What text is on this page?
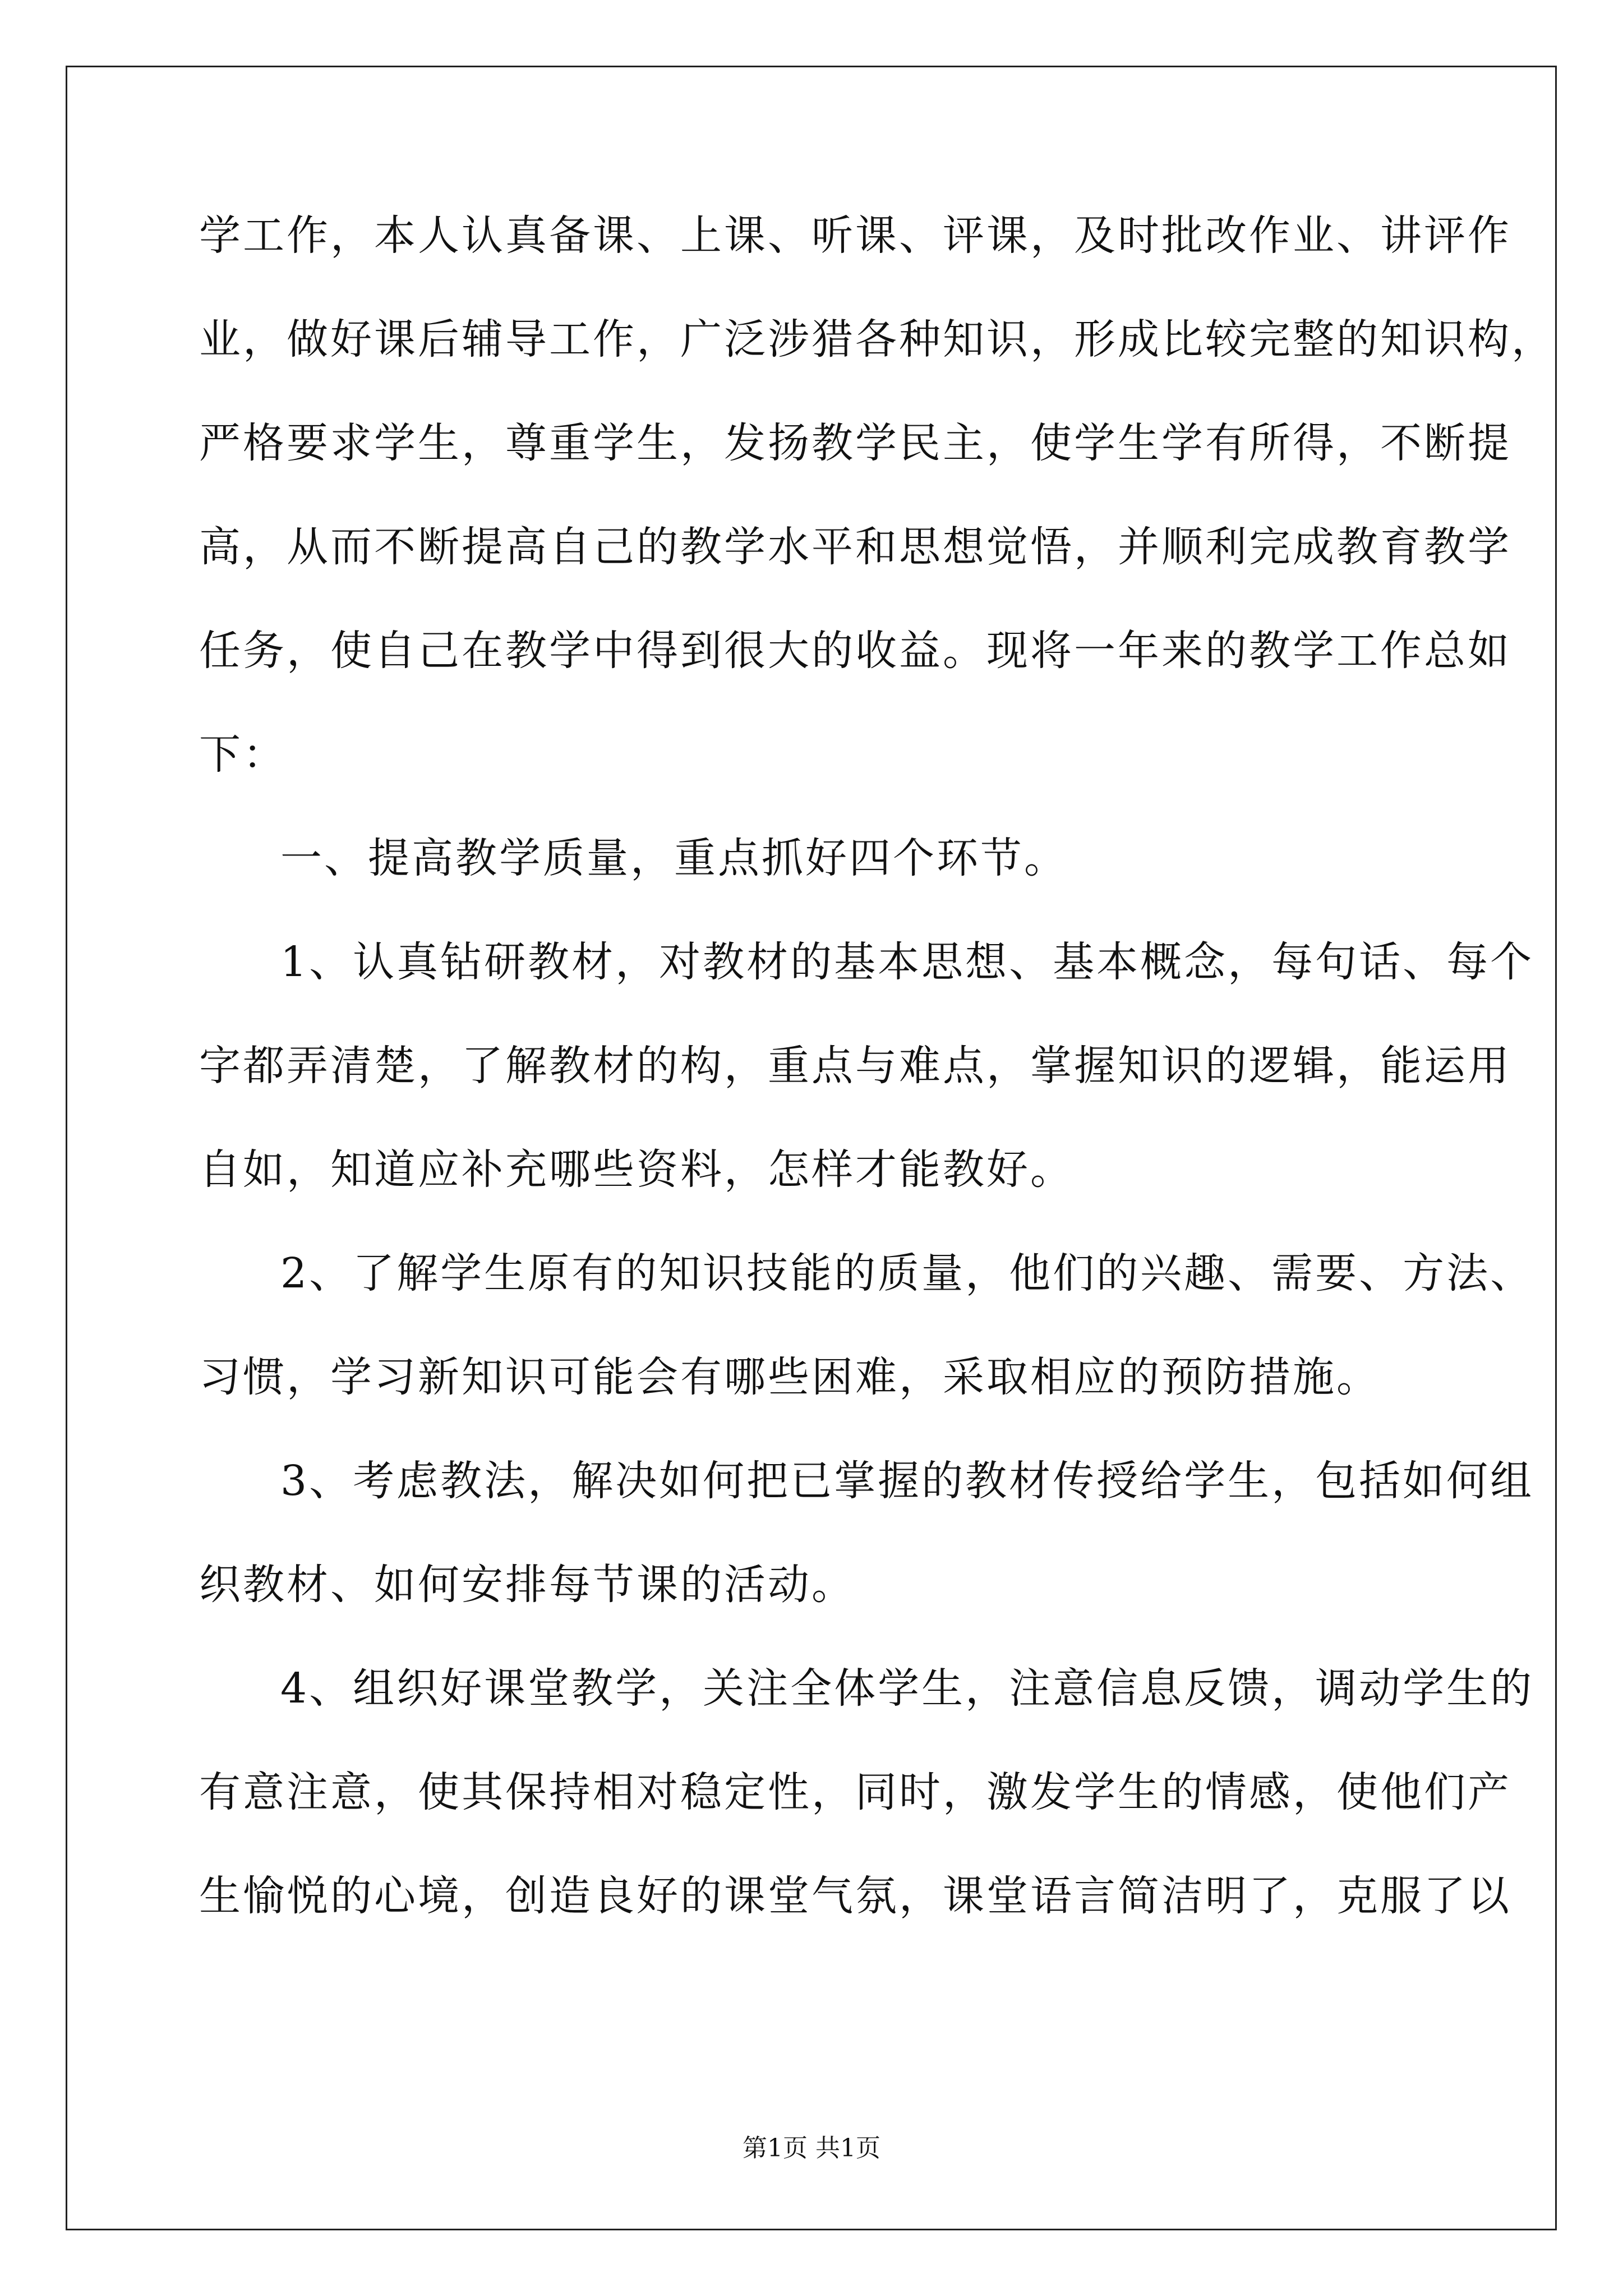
学工作，本人认真备课、上课、听课、评课，及时批改作业、讲评作
业，做好课后辅导工作，广泛涉猎各种知识，形成比较完整的知识构，
严格要求学生，尊重学生，发扬教学民主，使学生学有所得，不断提
高，从而不断提高自己的教学水平和思想觉悟，并顺利完成教育教学
任务，使自己在教学中得到很大的收益。现将一年来的教学工作总如
下：
一、提高教学质量，重点抓好四个环节。
1、认真钻研教材，对教材的基本思想、基本概念，每句话、每个
字都弄清楚，了解教材的构，重点与难点，掌握知识的逻辑，能运用
自如，知道应补充哪些资料，怎样才能教好。
2、了解学生原有的知识技能的质量，他们的兴趣、需要、方法、
习惯，学习新知识可能会有哪些困难，采取相应的预防措施。
3、考虑教法，解决如何把已掌握的教材传授给学生，包括如何组
织教材、如何安排每节课的活动。
4、组织好课堂教学，关注全体学生，注意信息反馈，调动学生的
有意注意，使其保持相对稳定性，同时，激发学生的情感，使他们产
生愉悦的心境，创造良好的课堂气氛，课堂语言简洁明了，克服了以
第1页 共1页
